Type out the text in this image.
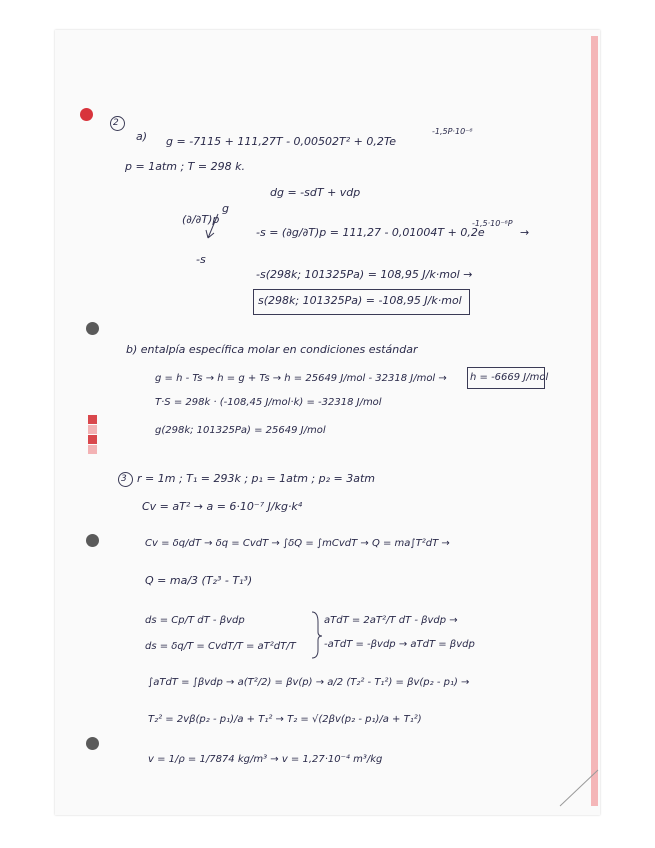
2
a) g = -7115 + 111,27T - 0,00502T² + 0,2Te
-1,5P·10⁻⁶
p = 1atm ; T = 298 k.
dg = -sdT + vdp
(∂/∂T)p
g
-s
-s = (∂g/∂T)p = 111,27 - 0,01004T + 0,2e
-1,5·10⁻⁶P
→
-s(298k; 101325Pa) = 108,95 J/k·mol →
s(298k; 101325Pa) = -108,95 J/k·mol
b) entalpía específica molar en condiciones estándar
g = h - Ts → h = g + Ts → h = 25649 J/mol - 32318 J/mol → h = -6669 J/mol
T·S = 298k · (-108,45 J/mol·k) = -32318 J/mol
g(298k; 101325Pa) = 25649 J/mol
3 r = 1m ; T₁ = 293k ; p₁ = 1atm ; p₂ = 3atm
Cv = aT² → a = 6·10⁻⁷ J/kg·k⁴
Cv = δq/dT → δq = CvdT → ∫δQ = ∫mCvdT → Q = ma∫T²dT →
Q = ma/3 (T₂³ - T₁³)
ds = Cp/T dT - βvdp
ds = δq/T = CvdT/T = aT²dT/T
aTdT = 2aT²/T dT - βvdp →
-aTdT = -βvdp → aTdT = βvdp
∫aTdT = ∫βvdp → a(T²/2) = βv(p) → a/2 (T₂² - T₁²) = βv(p₂ - p₁) →
T₂² = 2vβ(p₂ - p₁)/a + T₁² → T₂ = √(2βv(p₂ - p₁)/a + T₁²)
v = 1/ρ = 1/7874 kg/m³ → v = 1,27·10⁻⁴ m³/kg
